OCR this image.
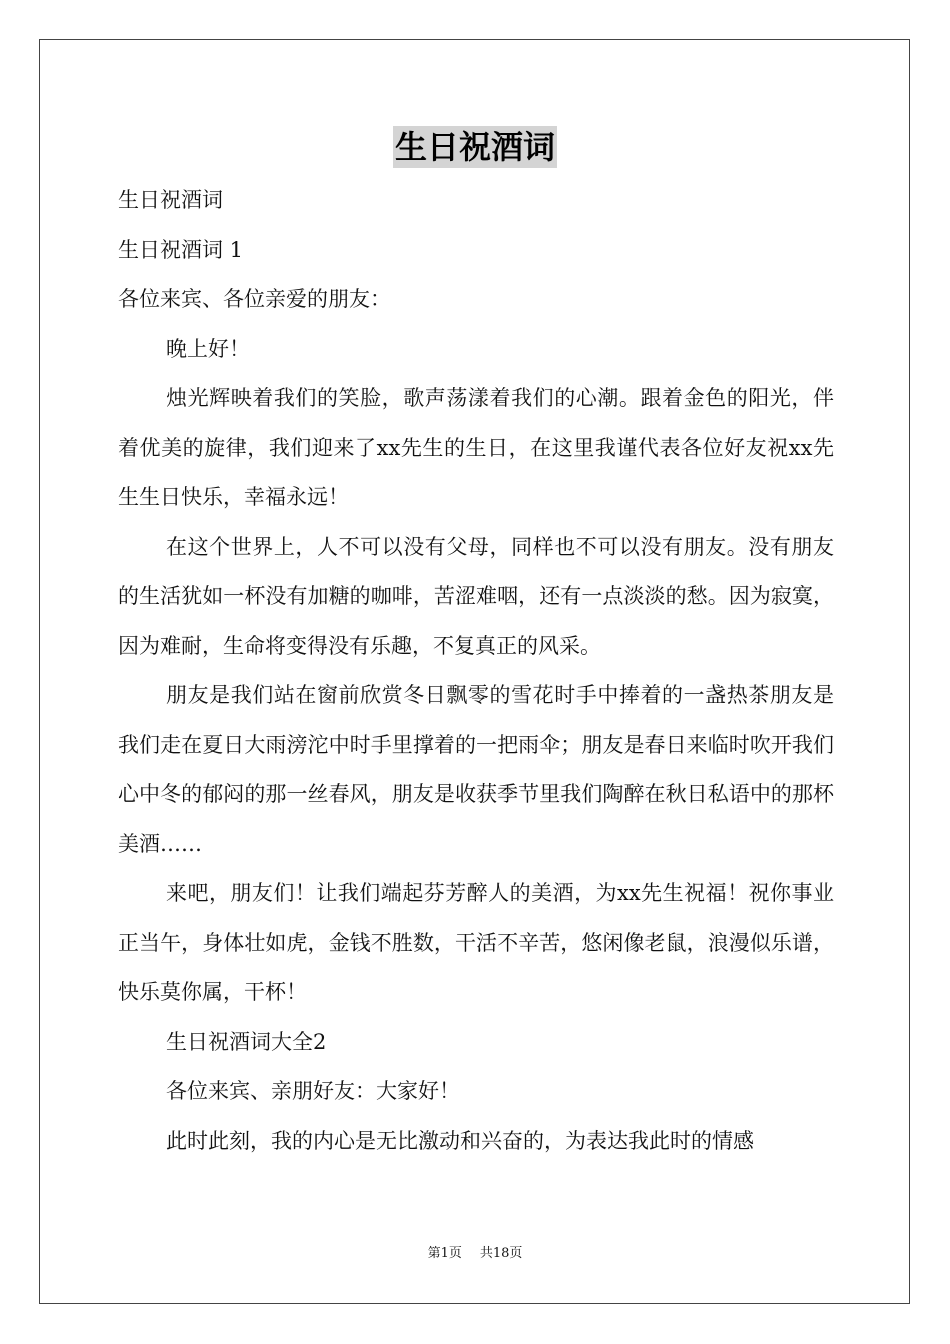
生日祝酒词

生日祝酒词

生日祝酒词 1

各位来宾、各位亲爱的朋友：

晚上好！

烛光辉映着我们的笑脸，歌声荡漾着我们的心潮。跟着金色的阳光，伴着优美的旋律，我们迎来了xx先生的生日，在这里我谨代表各位好友祝xx先生生日快乐，幸福永远！

在这个世界上，人不可以没有父母，同样也不可以没有朋友。没有朋友的生活犹如一杯没有加糖的咖啡，苦涩难咽，还有一点淡淡的愁。因为寂寞，因为难耐，生命将变得没有乐趣，不复真正的风采。

朋友是我们站在窗前欣赏冬日飘零的雪花时手中捧着的一盏热茶朋友是我们走在夏日大雨滂沱中时手里撑着的一把雨伞；朋友是春日来临时吹开我们心中冬的郁闷的那一丝春风，朋友是收获季节里我们陶醉在秋日私语中的那杯美酒……

来吧，朋友们！让我们端起芬芳醉人的美酒，为xx先生祝福！祝你事业正当午，身体壮如虎，金钱不胜数，干活不辛苦，悠闲像老鼠，浪漫似乐谱，快乐莫你属，干杯！

生日祝酒词大全2

各位来宾、亲朋好友：大家好！

此时此刻，我的内心是无比激动和兴奋的，为表达我此时的情感

第1页 共18页
